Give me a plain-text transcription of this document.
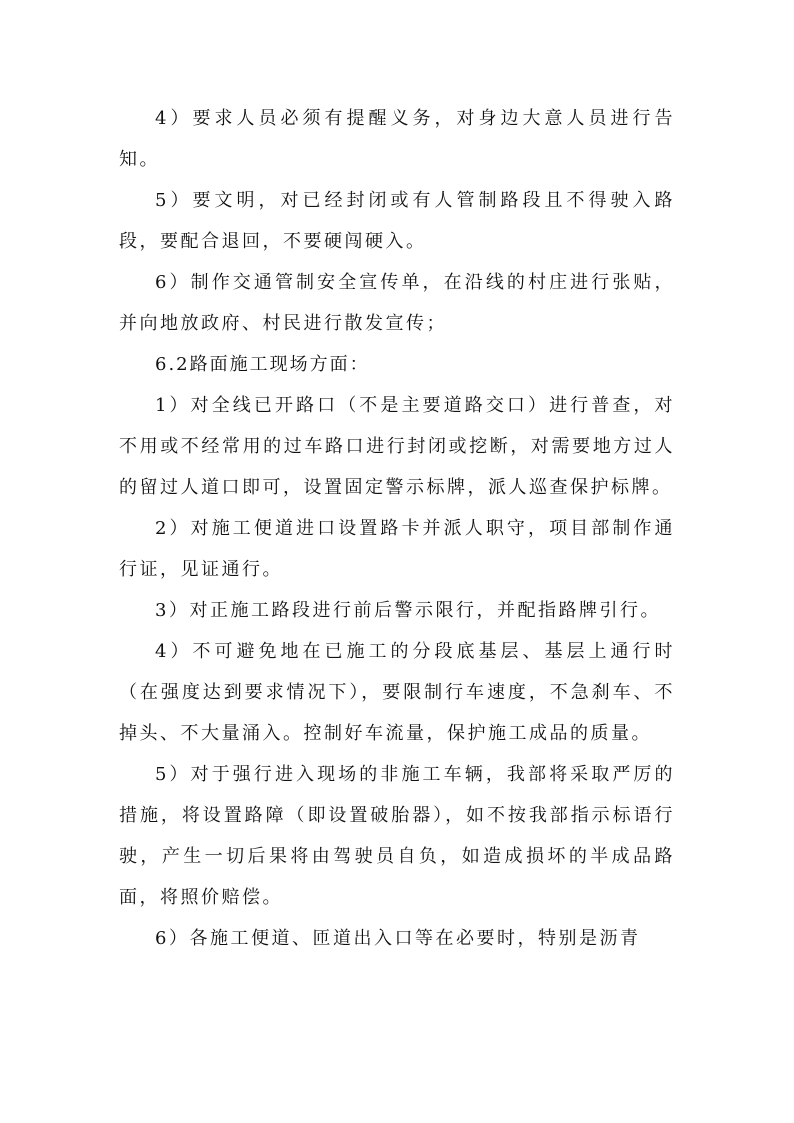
4）要求人员必须有提醒义务，对身边大意人员进行告知。

5）要文明，对已经封闭或有人管制路段且不得驶入路段，要配合退回，不要硬闯硬入。

6）制作交通管制安全宣传单，在沿线的村庄进行张贴，并向地放政府、村民进行散发宣传；

6.2路面施工现场方面：

1）对全线已开路口（不是主要道路交口）进行普查，对不用或不经常用的过车路口进行封闭或挖断，对需要地方过人的留过人道口即可，设置固定警示标牌，派人巡查保护标牌。

2）对施工便道进口设置路卡并派人职守，项目部制作通行证，见证通行。

3）对正施工路段进行前后警示限行，并配指路牌引行。

4）不可避免地在已施工的分段底基层、基层上通行时（在强度达到要求情况下），要限制行车速度，不急刹车、不掉头、不大量涌入。控制好车流量，保护施工成品的质量。

5）对于强行进入现场的非施工车辆，我部将采取严厉的措施，将设置路障（即设置破胎器），如不按我部指示标语行驶，产生一切后果将由驾驶员自负，如造成损坏的半成品路面，将照价赔偿。

6）各施工便道、匝道出入口等在必要时，特别是沥青
